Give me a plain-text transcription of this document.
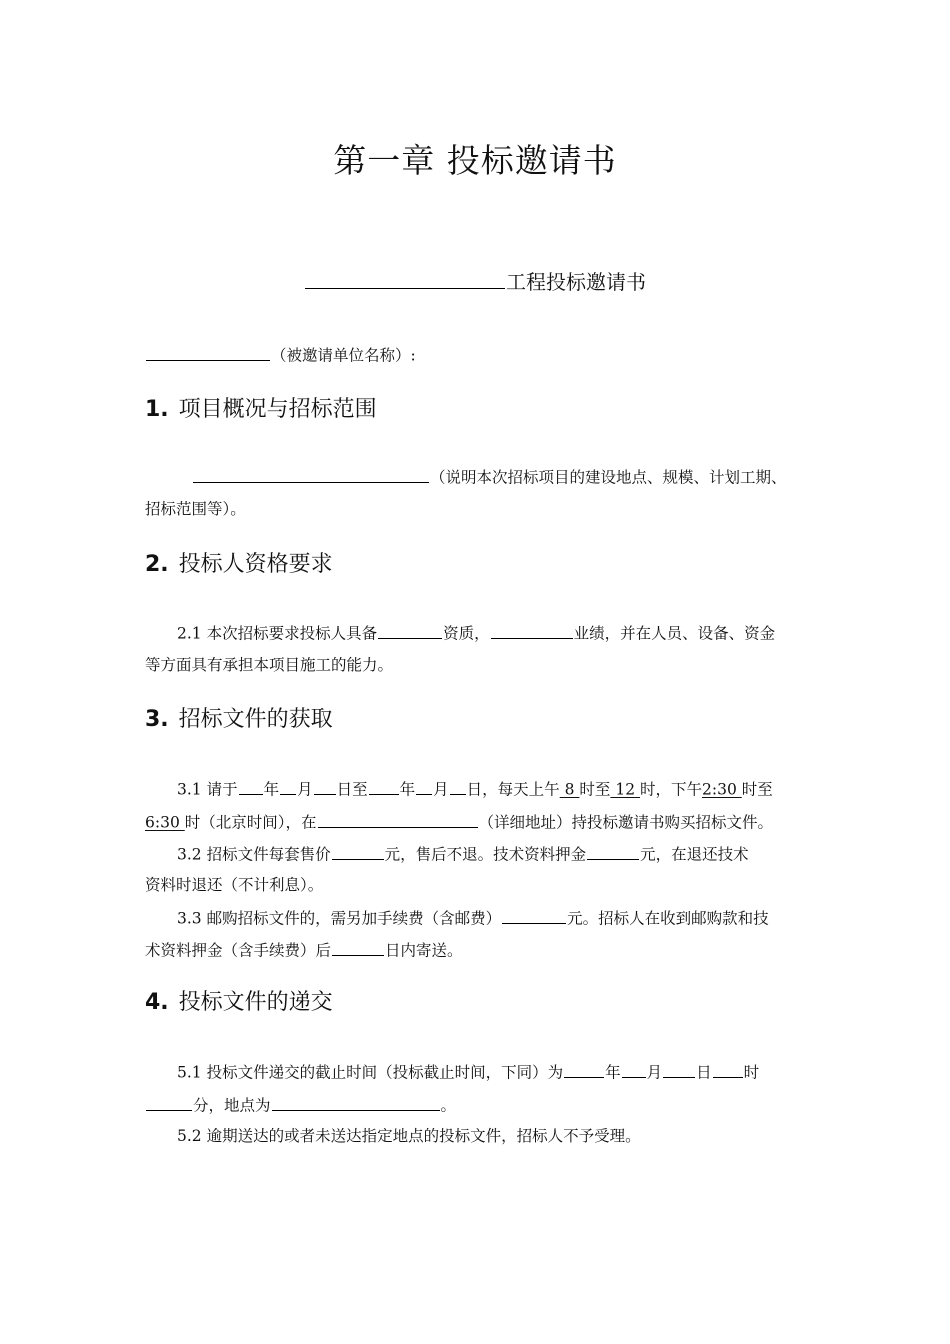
第一章 投标邀请书
工程投标邀请书
（被邀请单位名称）:
1. 项目概况与招标范围
（说明本次招标项目的建设地点、规模、计划工期、
招标范围等）。
2. 投标人资格要求
2.1 本次招标要求投标人具备	资质，	业绩，并在人员、设备、资金
等方面具有承担本项目施工的能力。
3. 招标文件的获取
3.1 请于 年 月 日至 年 月 日，每天上午 8 时至 12 时，下午2:30 时至
6:30 时（北京时间），在	（详细地址）持投标邀请书购买招标文件。
3.2 招标文件每套售价	元，售后不退。技术资料押金	元，在退还技术
资料时退还（不计利息）。
3.3 邮购招标文件的，需另加手续费（含邮费）	元。招标人在收到邮购款和技
术资料押金（含手续费）后	日内寄送。
4. 投标文件的递交
5.1 投标文件递交的截止时间（投标截止时间，下同）为	年 月 日 时
分，地点为	。
5.2 逾期送达的或者未送达指定地点的投标文件，招标人不予受理。
